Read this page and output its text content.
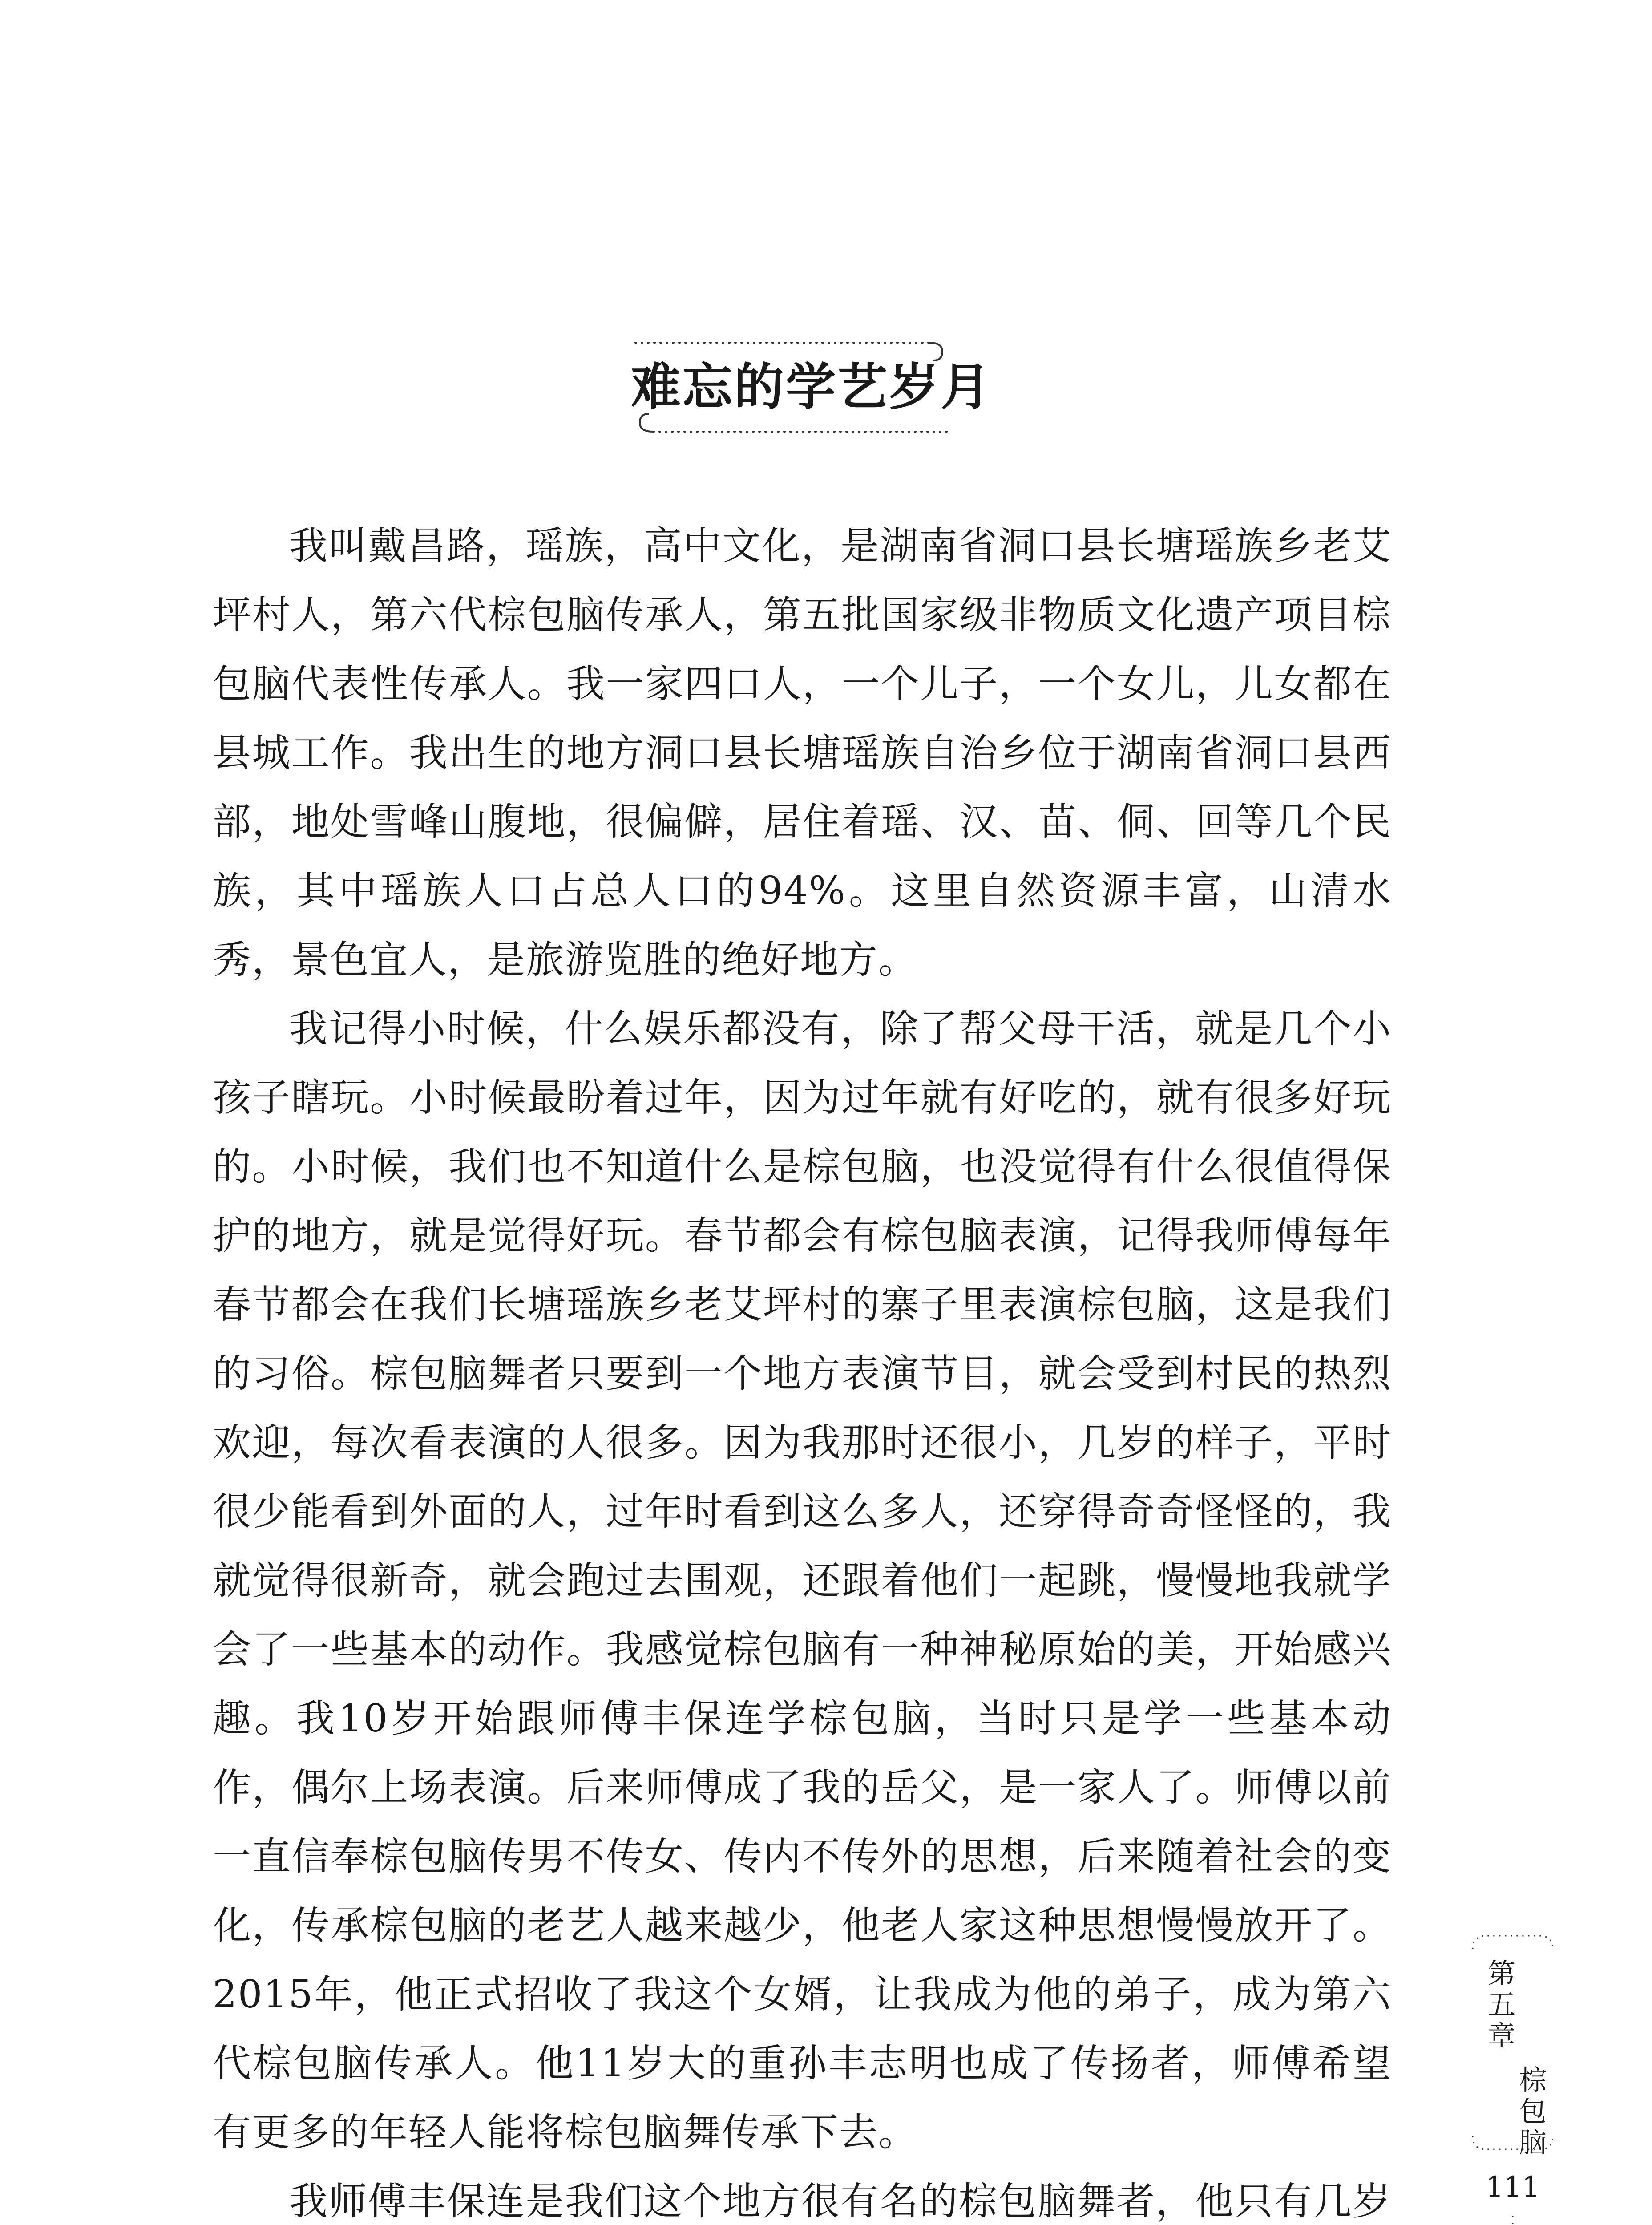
难忘的学艺岁月

我叫戴昌路，瑶族，高中文化，是湖南省洞口县长塘瑶族乡老艾坪村人，第六代棕包脑传承人，第五批国家级非物质文化遗产项目棕包脑代表性传承人。我一家四口人，一个儿子，一个女儿，儿女都在县城工作。我出生的地方洞口县长塘瑶族自治乡位于湖南省洞口县西部，地处雪峰山腹地，很偏僻，居住着瑶、汉、苗、侗、回等几个民族，其中瑶族人口占总人口的94%。这里自然资源丰富，山清水秀，景色宜人，是旅游览胜的绝好地方。

我记得小时候，什么娱乐都没有，除了帮父母干活，就是几个小孩子瞎玩。小时候最盼着过年，因为过年就有好吃的，就有很多好玩的。小时候，我们也不知道什么是棕包脑，也没觉得有什么很值得保护的地方，就是觉得好玩。春节都会有棕包脑表演，记得我师傅每年春节都会在我们长塘瑶族乡老艾坪村的寨子里表演棕包脑，这是我们的习俗。棕包脑舞者只要到一个地方表演节目，就会受到村民的热烈欢迎，每次看表演的人很多。因为我那时还很小，几岁的样子，平时很少能看到外面的人，过年时看到这么多人，还穿得奇奇怪怪的，我就觉得很新奇，就会跑过去围观，还跟着他们一起跳，慢慢地我就学会了一些基本的动作。我感觉棕包脑有一种神秘原始的美，开始感兴趣。我10岁开始跟师傅丰保连学棕包脑，当时只是学一些基本动作，偶尔上场表演。后来师傅成了我的岳父，是一家人了。师傅以前一直信奉棕包脑传男不传女、传内不传外的思想，后来随着社会的变化，传承棕包脑的老艺人越来越少，他老人家这种思想慢慢放开了。2015年，他正式招收了我这个女婿，让我成为他的弟子，成为第六代棕包脑传承人。他11岁大的重孙丰志明也成了传扬者，师傅希望有更多的年轻人能将棕包脑舞传承下去。

我师傅丰保连是我们这个地方很有名的棕包脑舞者，他只有几岁

第五章
棕包脑
111
